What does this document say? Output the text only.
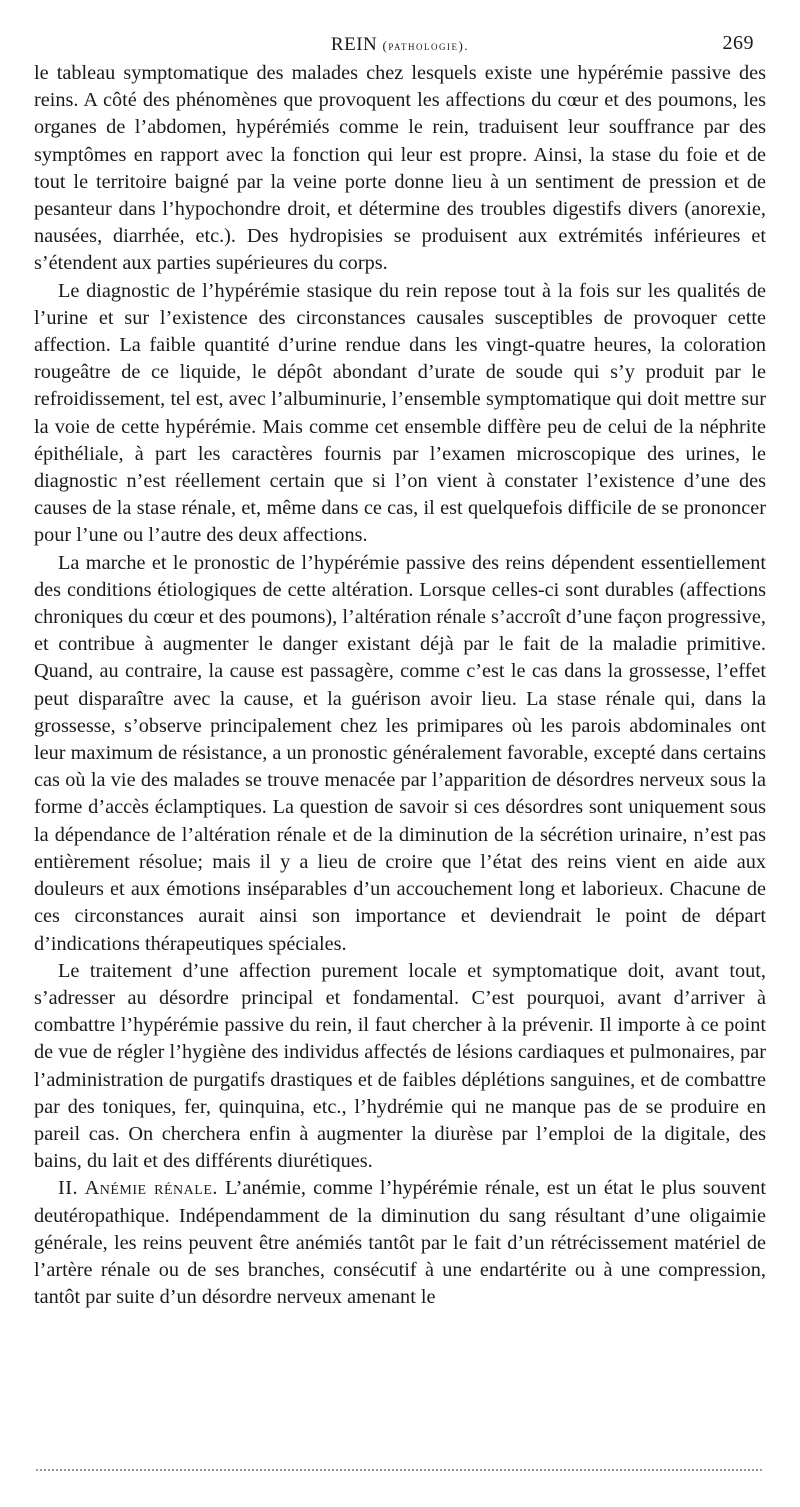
REIN (pathologie).	269

le tableau symptomatique des malades chez lesquels existe une hypérémie passive des reins. A côté des phénomènes que provoquent les affections du cœur et des poumons, les organes de l’abdomen, hypérémiés comme le rein, traduisent leur souffrance par des symptômes en rapport avec la fonction qui leur est propre. Ainsi, la stase du foie et de tout le territoire baigné par la veine porte donne lieu à un sentiment de pression et de pesanteur dans l’hypochondre droit, et détermine des troubles digestifs divers (anorexie, nausées, diarrhée, etc.). Des hydropisies se produisent aux extrémités inférieures et s’étendent aux parties supérieures du corps.

Le diagnostic de l’hypérémie stasique du rein repose tout à la fois sur les qualités de l’urine et sur l’existence des circonstances causales susceptibles de provoquer cette affection. La faible quantité d’urine rendue dans les vingt-quatre heures, la coloration rougeâtre de ce liquide, le dépôt abondant d’urate de soude qui s’y produit par le refroidissement, tel est, avec l’albuminurie, l’ensemble symptomatique qui doit mettre sur la voie de cette hypérémie. Mais comme cet ensemble diffère peu de celui de la néphrite épithéliale, à part les caractères fournis par l’examen microscopique des urines, le diagnostic n’est réellement certain que si l’on vient à constater l’existence d’une des causes de la stase rénale, et, même dans ce cas, il est quelquefois difficile de se prononcer pour l’une ou l’autre des deux affections.

La marche et le pronostic de l’hypérémie passive des reins dépendent essentiellement des conditions étiologiques de cette altération. Lorsque celles-ci sont durables (affections chroniques du cœur et des poumons), l’altération rénale s’accroît d’une façon progressive, et contribue à augmenter le danger existant déjà par le fait de la maladie primitive. Quand, au contraire, la cause est passagère, comme c’est le cas dans la grossesse, l’effet peut disparaître avec la cause, et la guérison avoir lieu. La stase rénale qui, dans la grossesse, s’observe principalement chez les primipares où les parois abdominales ont leur maximum de résistance, a un pronostic généralement favorable, excepté dans certains cas où la vie des malades se trouve menacée par l’apparition de désordres nerveux sous la forme d’accès éclamptiques. La question de savoir si ces désordres sont uniquement sous la dépendance de l’altération rénale et de la diminution de la sécrétion urinaire, n’est pas entièrement résolue; mais il y a lieu de croire que l’état des reins vient en aide aux douleurs et aux émotions inséparables d’un accouchement long et laborieux. Chacune de ces circonstances aurait ainsi son importance et deviendrait le point de départ d’indications thérapeutiques spéciales.

Le traitement d’une affection purement locale et symptomatique doit, avant tout, s’adresser au désordre principal et fondamental. C’est pourquoi, avant d’arriver à combattre l’hypérémie passive du rein, il faut chercher à la prévenir. Il importe à ce point de vue de régler l’hygiène des individus affectés de lésions cardiaques et pulmonaires, par l’administration de purgatifs drastiques et de faibles déplétions sanguines, et de combattre par des toniques, fer, quinquina, etc., l’hydrémie qui ne manque pas de se produire en pareil cas. On cherchera enfin à augmenter la diurèse par l’emploi de la digitale, des bains, du lait et des différents diurétiques.

II. Anémie rénale. L’anémie, comme l’hypérémie rénale, est un état le plus souvent deutéropathique. Indépendamment de la diminution du sang résultant d’une oligaimie générale, les reins peuvent être anémiés tantôt par le fait d’un rétrécissement matériel de l’artère rénale ou de ses branches, consécutif à une endartérite ou à une compression, tantôt par suite d’un désordre nerveux amenant le
